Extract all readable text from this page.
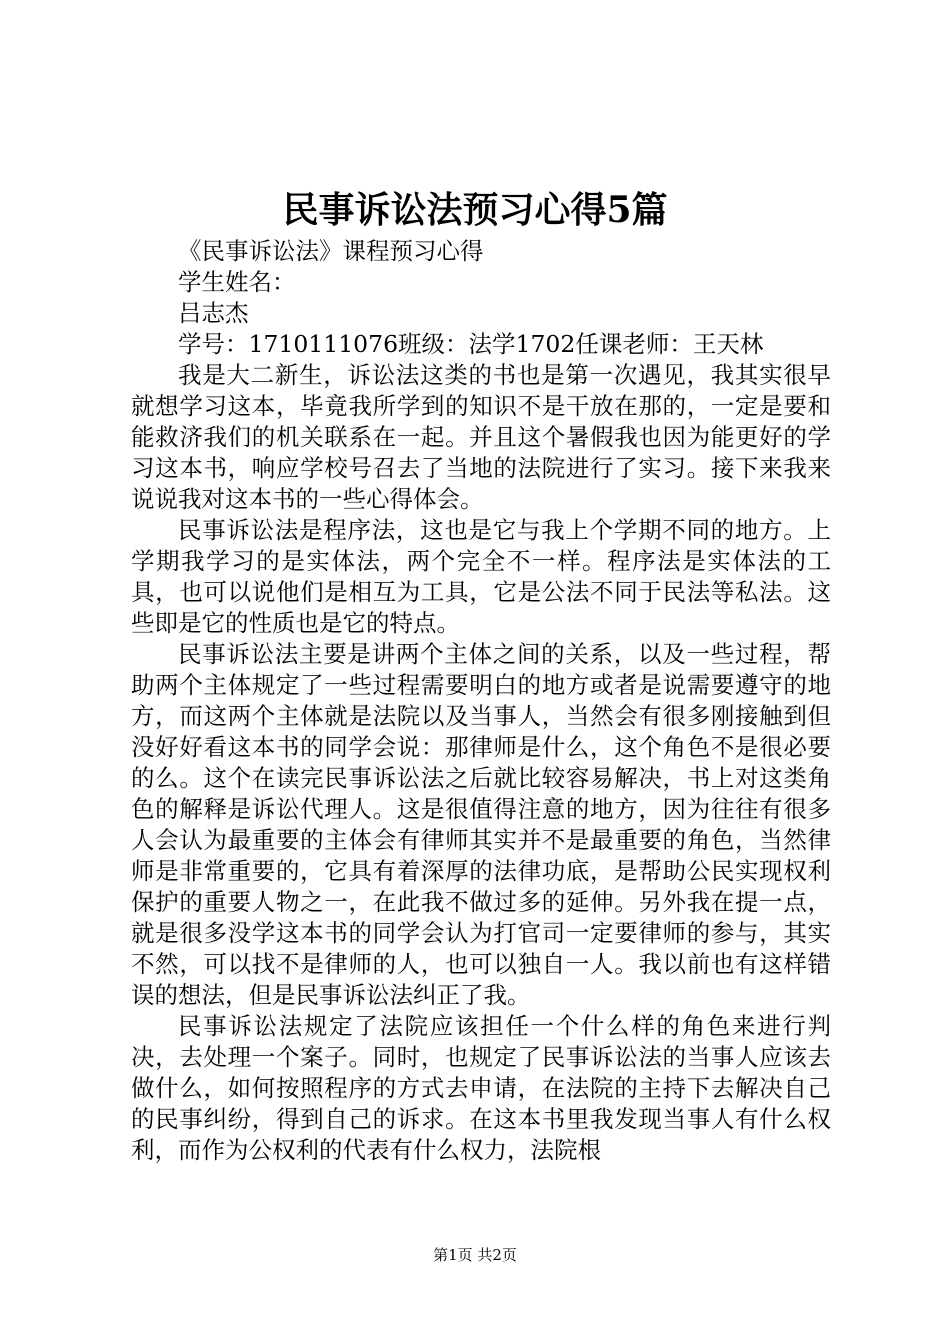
民事诉讼法预习心得5篇

《民事诉讼法》课程预习心得

学生姓名：

吕志杰

学号：1710111076班级：法学1702任课老师：王天林

我是大二新生，诉讼法这类的书也是第一次遇见，我其实很早就想学习这本，毕竟我所学到的知识不是干放在那的，一定是要和能救济我们的机关联系在一起。并且这个暑假我也因为能更好的学习这本书，响应学校号召去了当地的法院进行了实习。接下来我来说说我对这本书的一些心得体会。

民事诉讼法是程序法，这也是它与我上个学期不同的地方。上学期我学习的是实体法，两个完全不一样。程序法是实体法的工具，也可以说他们是相互为工具，它是公法不同于民法等私法。这些即是它的性质也是它的特点。

民事诉讼法主要是讲两个主体之间的关系，以及一些过程，帮助两个主体规定了一些过程需要明白的地方或者是说需要遵守的地方，而这两个主体就是法院以及当事人，当然会有很多刚接触到但没好好看这本书的同学会说：那律师是什么，这个角色不是很必要的么。这个在读完民事诉讼法之后就比较容易解决，书上对这类角色的解释是诉讼代理人。这是很值得注意的地方，因为往往有很多人会认为最重要的主体会有律师其实并不是最重要的角色，当然律师是非常重要的，它具有着深厚的法律功底，是帮助公民实现权利保护的重要人物之一，在此我不做过多的延伸。另外我在提一点，就是很多没学这本书的同学会认为打官司一定要律师的参与，其实不然，可以找不是律师的人，也可以独自一人。我以前也有这样错误的想法，但是民事诉讼法纠正了我。

民事诉讼法规定了法院应该担任一个什么样的角色来进行判决，去处理一个案子。同时，也规定了民事诉讼法的当事人应该去做什么，如何按照程序的方式去申请，在法院的主持下去解决自己的民事纠纷，得到自己的诉求。在这本书里我发现当事人有什么权利，而作为公权利的代表有什么权力，法院根

第1页 共2页
